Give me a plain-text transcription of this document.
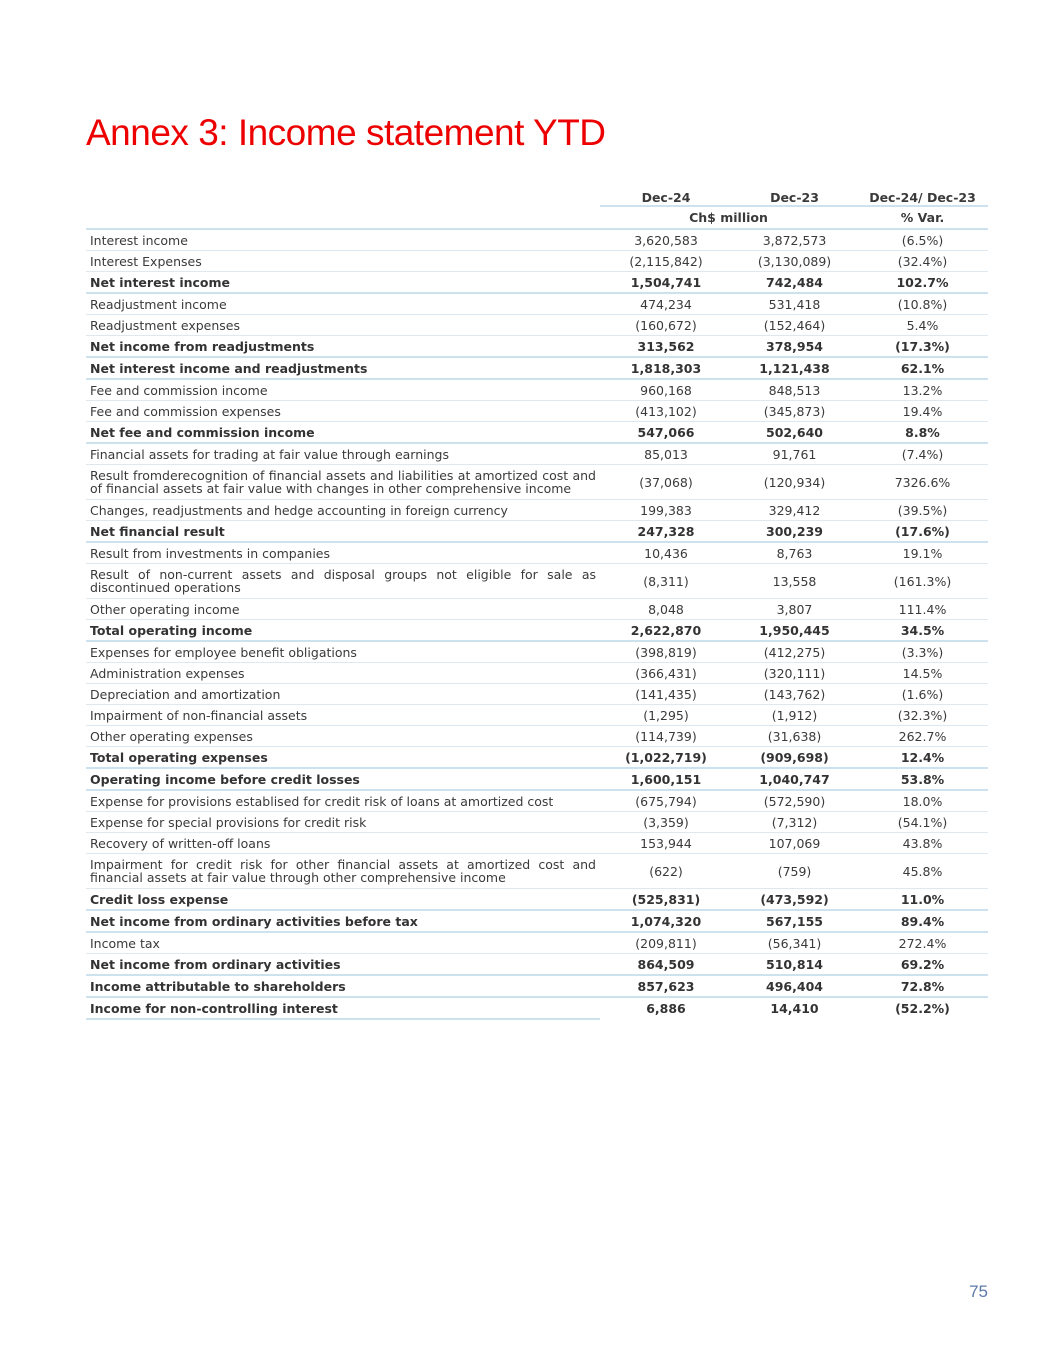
Annex 3: Income statement YTD
	Dec-24	Dec-23	Dec-24/ Dec-23
	Ch$ million		% Var.
Interest income	3,620,583	3,872,573	(6.5%)
Interest Expenses	(2,115,842)	(3,130,089)	(32.4%)
Net interest income	1,504,741	742,484	102.7%
Readjustment income	474,234	531,418	(10.8%)
Readjustment expenses	(160,672)	(152,464)	5.4%
Net income from readjustments	313,562	378,954	(17.3%)
Net interest income and readjustments	1,818,303	1,121,438	62.1%
Fee and commission income	960,168	848,513	13.2%
Fee and commission expenses	(413,102)	(345,873)	19.4%
Net fee and commission income	547,066	502,640	8.8%
Financial assets for trading at fair value through earnings	85,013	91,761	(7.4%)
Result fromderecognition of financial assets and liabilities at amortized cost and of financial assets at fair value with changes in other comprehensive income	(37,068)	(120,934)	7326.6%
Changes, readjustments and hedge accounting in foreign currency	199,383	329,412	(39.5%)
Net financial result	247,328	300,239	(17.6%)
Result from investments in companies	10,436	8,763	19.1%
Result of non-current assets and disposal groups not eligible for sale as discontinued operations	(8,311)	13,558	(161.3%)
Other operating income	8,048	3,807	111.4%
Total operating income	2,622,870	1,950,445	34.5%
Expenses for employee benefit obligations	(398,819)	(412,275)	(3.3%)
Administration expenses	(366,431)	(320,111)	14.5%
Depreciation and amortization	(141,435)	(143,762)	(1.6%)
Impairment of non-financial assets	(1,295)	(1,912)	(32.3%)
Other operating expenses	(114,739)	(31,638)	262.7%
Total operating expenses	(1,022,719)	(909,698)	12.4%
Operating income before credit losses	1,600,151	1,040,747	53.8%
Expense for provisions establised for credit risk of loans at amortized cost	(675,794)	(572,590)	18.0%
Expense for special provisions for credit risk	(3,359)	(7,312)	(54.1%)
Recovery of written-off loans	153,944	107,069	43.8%
Impairment for credit risk for other financial assets at amortized cost and financial assets at fair value through other comprehensive income	(622)	(759)	45.8%
Credit loss expense	(525,831)	(473,592)	11.0%
Net income from ordinary activities before tax	1,074,320	567,155	89.4%
Income tax	(209,811)	(56,341)	272.4%
Net income from ordinary activities	864,509	510,814	69.2%
Income attributable to shareholders	857,623	496,404	72.8%
Income for non-controlling interest	6,886	14,410	(52.2%)
75
